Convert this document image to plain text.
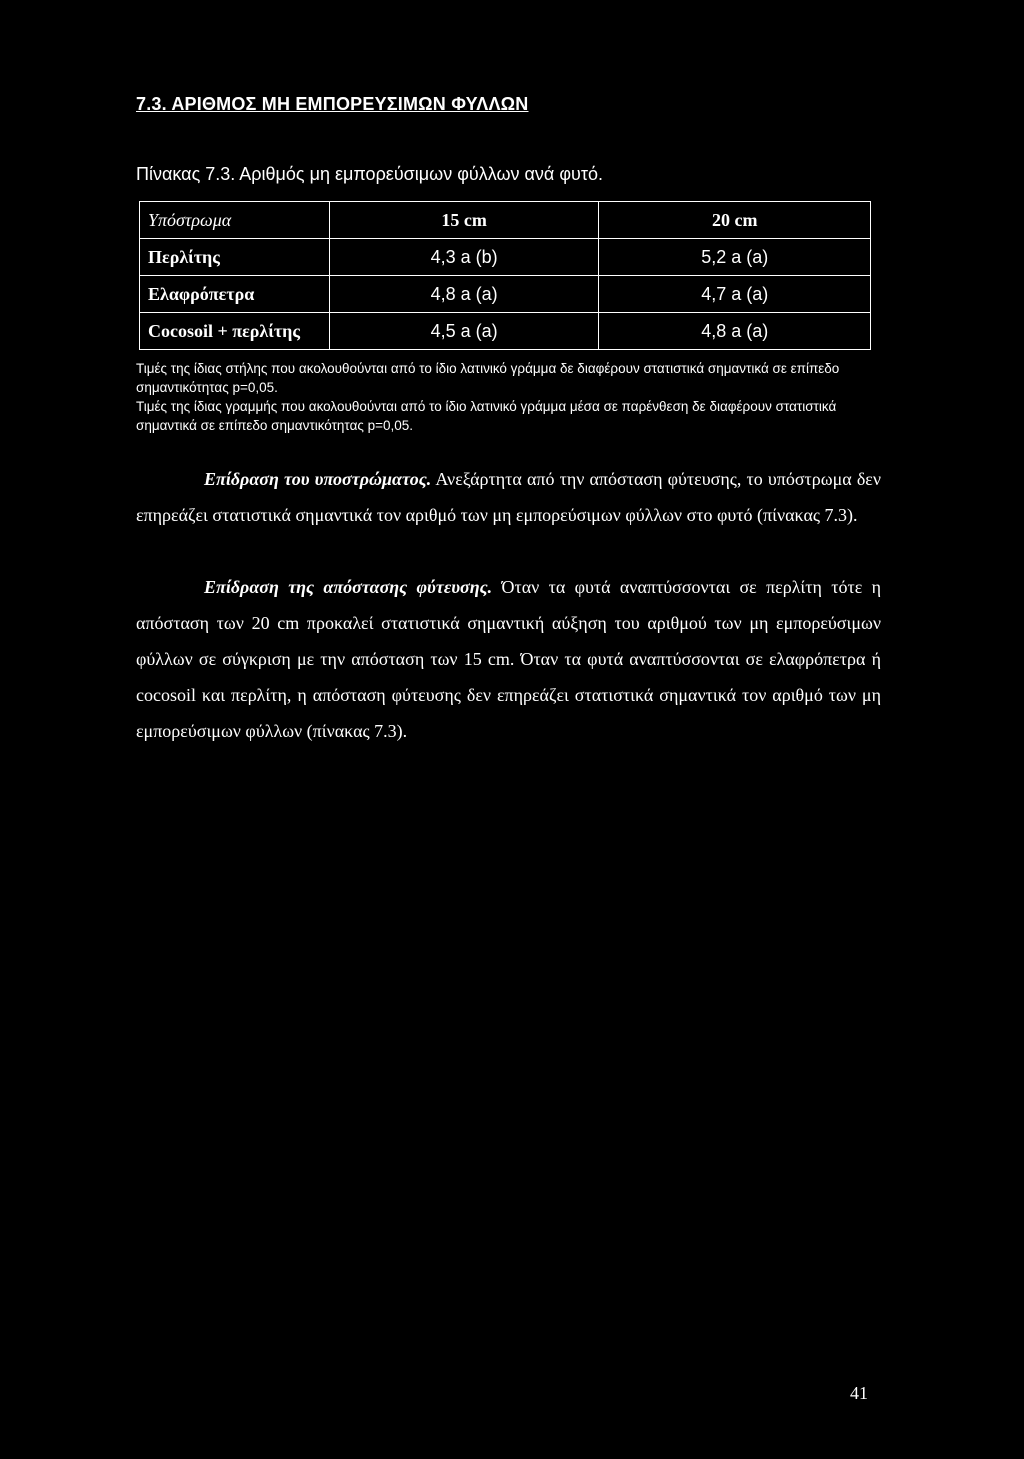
7.3. ΑΡΙΘΜΟΣ ΜΗ ΕΜΠΟΡΕΥΣΙΜΩΝ ΦΥΛΛΩΝ

Πίνακας 7.3. Αριθμός μη εμπορεύσιμων φύλλων ανά φυτό.

Υπόστρωμα	15 cm	20 cm
Περλίτης	4,3 a (b)	5,2 a (a)
Ελαφρόπετρα	4,8 a (a)	4,7 a (a)
Cocosoil + περλίτης	4,5 a (a)	4,8 a (a)

Τιμές της ίδιας στήλης που ακολουθούνται από το ίδιο λατινικό γράμμα δε διαφέρουν στατιστικά σημαντικά σε επίπεδο σημαντικότητας p=0,05.

Τιμές της ίδιας γραμμής που ακολουθούνται από το ίδιο λατινικό γράμμα μέσα σε παρένθεση δε διαφέρουν στατιστικά σημαντικά σε επίπεδο σημαντικότητας p=0,05.

Επίδραση του υποστρώματος. Ανεξάρτητα από την απόσταση φύτευσης, το υπόστρωμα δεν επηρεάζει στατιστικά σημαντικά τον αριθμό των μη εμπορεύσιμων φύλλων στο φυτό (πίνακας 7.3).

Επίδραση της απόστασης φύτευσης. Όταν τα φυτά αναπτύσσονται σε περλίτη τότε η απόσταση των 20 cm προκαλεί στατιστικά σημαντική αύξηση του αριθμού των μη εμπορεύσιμων φύλλων σε σύγκριση με την απόσταση των 15 cm. Όταν τα φυτά αναπτύσσονται σε ελαφρόπετρα ή cocosoil και περλίτη, η απόσταση φύτευσης δεν επηρεάζει στατιστικά σημαντικά τον αριθμό των μη εμπορεύσιμων φύλλων (πίνακας 7.3).

41
